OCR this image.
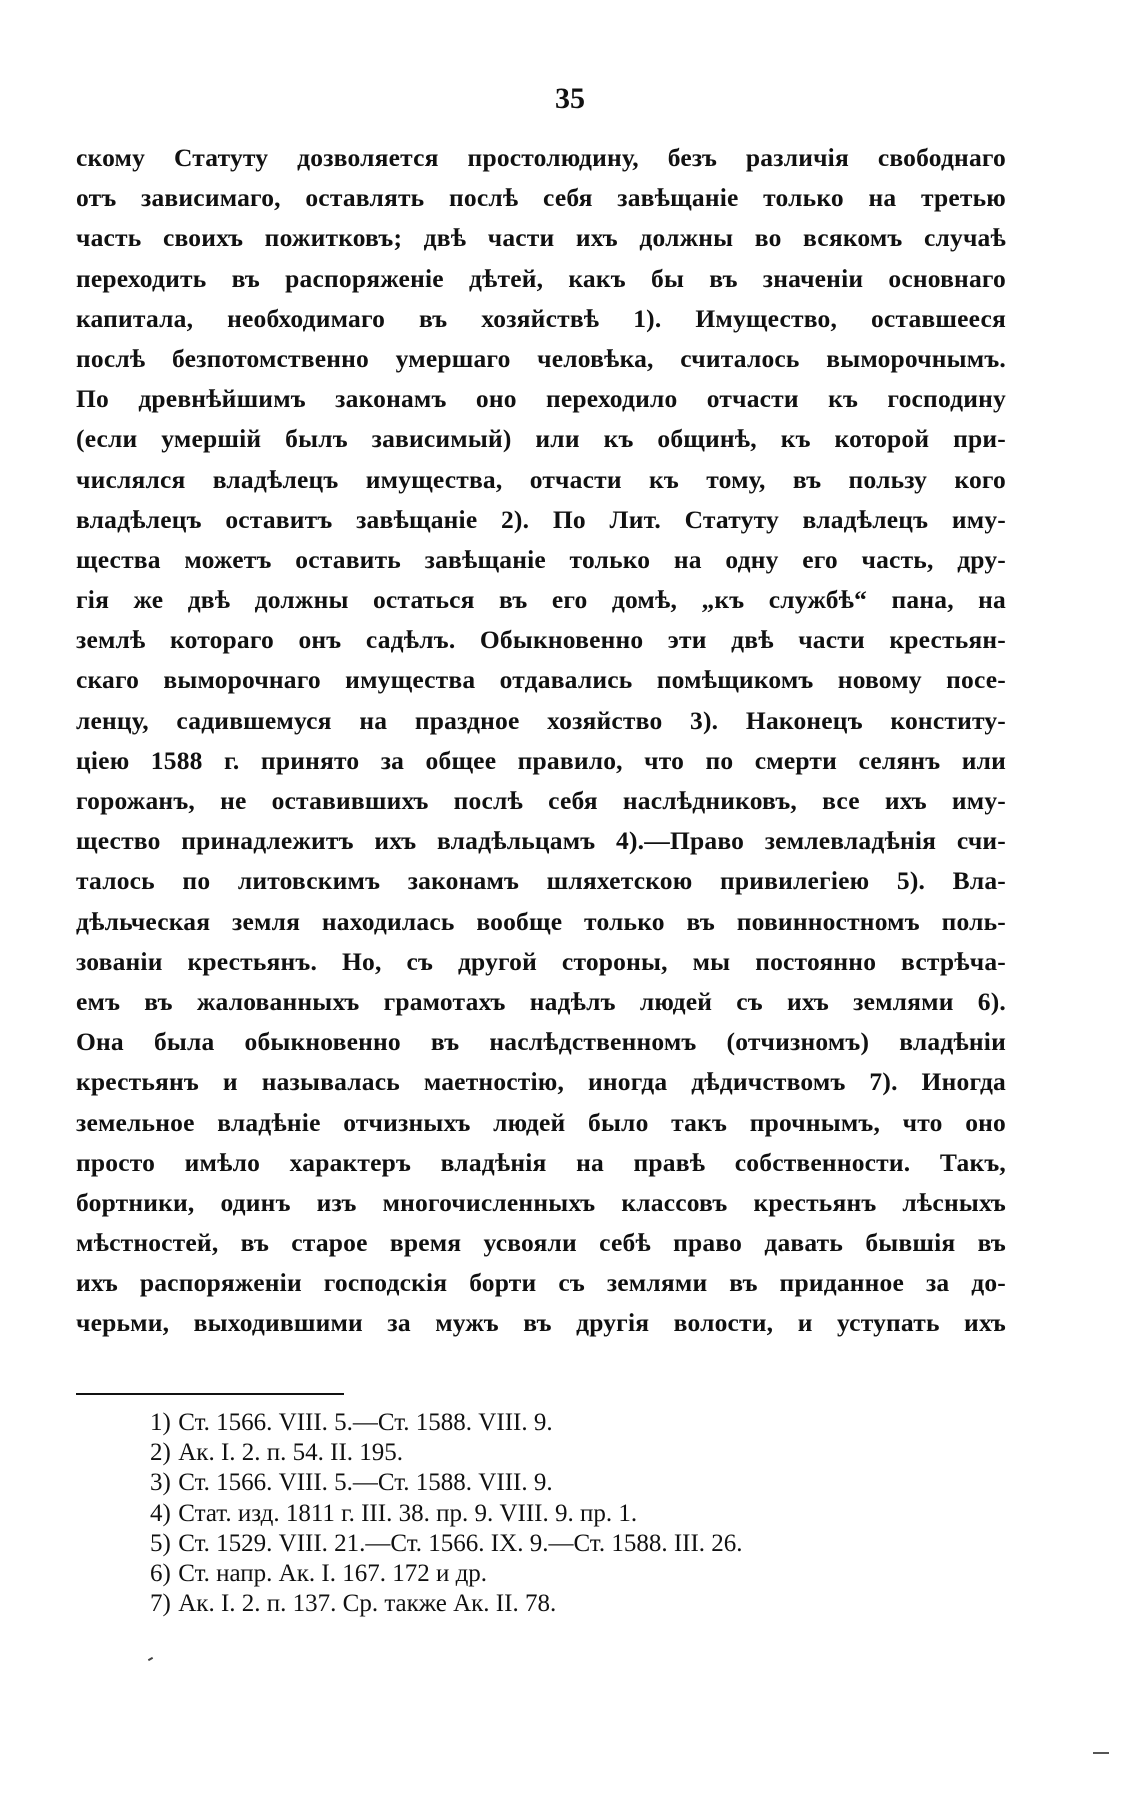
35
скому Статуту дозволяется простолюдину, безъ различія свободнаго
отъ зависимаго, оставлять послѣ себя завѣщаніе только на третью
часть своихъ пожитковъ; двѣ части ихъ должны во всякомъ случаѣ
переходить въ распоряженіе дѣтей, какъ бы въ значеніи основнаго
капитала, необходимаго въ хозяйствѣ 1). Имущество, оставшееся
послѣ безпотомственно умершаго человѣка, считалось выморочнымъ.
По древнѣйшимъ законамъ оно переходило отчасти къ господину
(если умершій былъ зависимый) или къ общинѣ, къ которой при-
числялся владѣлецъ имущества, отчасти къ тому, въ пользу кого
владѣлецъ оставитъ завѣщаніе 2). По Лит. Статуту владѣлецъ иму-
щества можетъ оставить завѣщаніе только на одну его часть, дру-
гія же двѣ должны остаться въ его домѣ, „къ службѣ“ пана, на
землѣ котораго онъ садѣлъ. Обыкновенно эти двѣ части крестьян-
скаго выморочнаго имущества отдавались помѣщикомъ новому посе-
ленцу, садившемуся на праздное хозяйство 3). Наконецъ конститу-
ціею 1588 г. принято за общее правило, что по смерти селянъ или
горожанъ, не оставившихъ послѣ себя наслѣдниковъ, все ихъ иму-
щество принадлежитъ ихъ владѣльцамъ 4).—Право землевладѣнія счи-
талось по литовскимъ законамъ шляхетскою привилегіею 5). Вла-
дѣльческая земля находилась вообще только въ повинностномъ поль-
зованіи крестьянъ. Но, съ другой стороны, мы постоянно встрѣча-
емъ въ жалованныхъ грамотахъ надѣлъ людей съ ихъ землями 6).
Она была обыкновенно въ наслѣдственномъ (отчизномъ) владѣніи
крестьянъ и называлась маетностію, иногда дѣдичствомъ 7). Иногда
земельное владѣніе отчизныхъ людей было такъ прочнымъ, что оно
просто имѣло характеръ владѣнія на правѣ собственности. Такъ,
бортники, одинъ изъ многочисленныхъ классовъ крестьянъ лѣсныхъ
мѣстностей, въ старое время усвояли себѣ право давать бывшія въ
ихъ распоряженіи господскія борти съ землями въ приданное за до-
черьми, выходившими за мужъ въ другія волости, и уступать ихъ
1) Ст. 1566. VIII. 5.—Ст. 1588. VIII. 9.
2) Ак. I. 2. п. 54. II. 195.
3) Ст. 1566. VIII. 5.—Ст. 1588. VIII. 9.
4) Стат. изд. 1811 г. III. 38. пр. 9. VIII. 9. пр. 1.
5) Ст. 1529. VIII. 21.—Ст. 1566. IX. 9.—Ст. 1588. III. 26.
6) Ст. напр. Ак. I. 167. 172 и др.
7) Ак. I. 2. п. 137. Ср. также Ак. II. 78.
